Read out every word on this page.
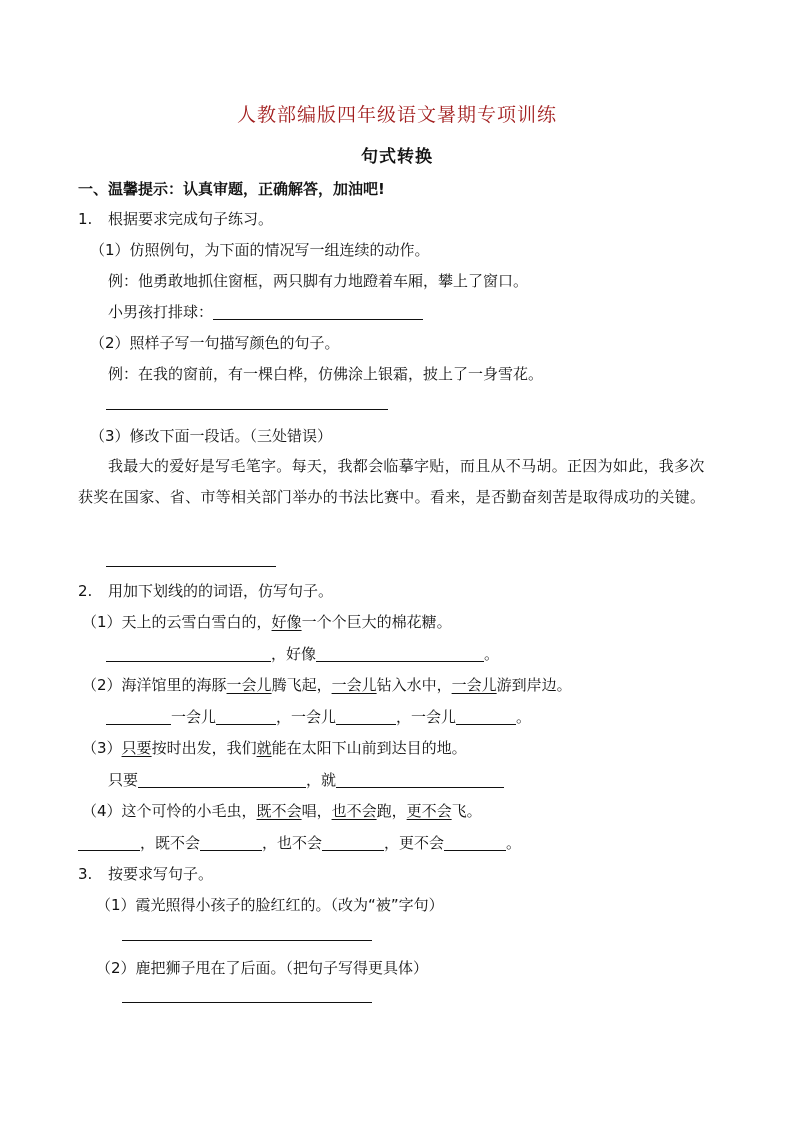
人教部编版四年级语文暑期专项训练
句式转换
一、温馨提示：认真审题，正确解答，加油吧!
1. 根据要求完成句子练习。
（1）仿照例句，为下面的情况写一组连续的动作。
例：他勇敢地抓住窗框，两只脚有力地蹬着车厢，攀上了窗口。
小男孩打排球：
（2）照样子写一句描写颜色的句子。
例：在我的窗前，有一棵白桦，仿佛涂上银霜，披上了一身雪花。
（3）修改下面一段话。（三处错误）
我最大的爱好是写毛笔字。每天，我都会临摹字贴，而且从不马胡。正因为如此，我多次获奖在国家、省、市等相关部门举办的书法比赛中。看来，是否勤奋刻苦是取得成功的关键。
2. 用加下划线的的词语，仿写句子。
（1）天上的云雪白雪白的，好像一个个巨大的棉花糖。
，好像	。
（2）海洋馆里的海豚一会儿腾飞起，一会儿钻入水中，一会儿游到岸边。
一会儿	，一会儿	，一会儿	。
（3）只要按时出发，我们就能在太阳下山前到达目的地。
只要	，就
（4）这个可怜的小毛虫，既不会唱，也不会跑，更不会飞。
，既不会	，也不会	，更不会	。
3. 按要求写句子。
（1）霞光照得小孩子的脸红红的。（改为“被”字句）
（2）鹿把狮子甩在了后面。（把句子写得更具体）
